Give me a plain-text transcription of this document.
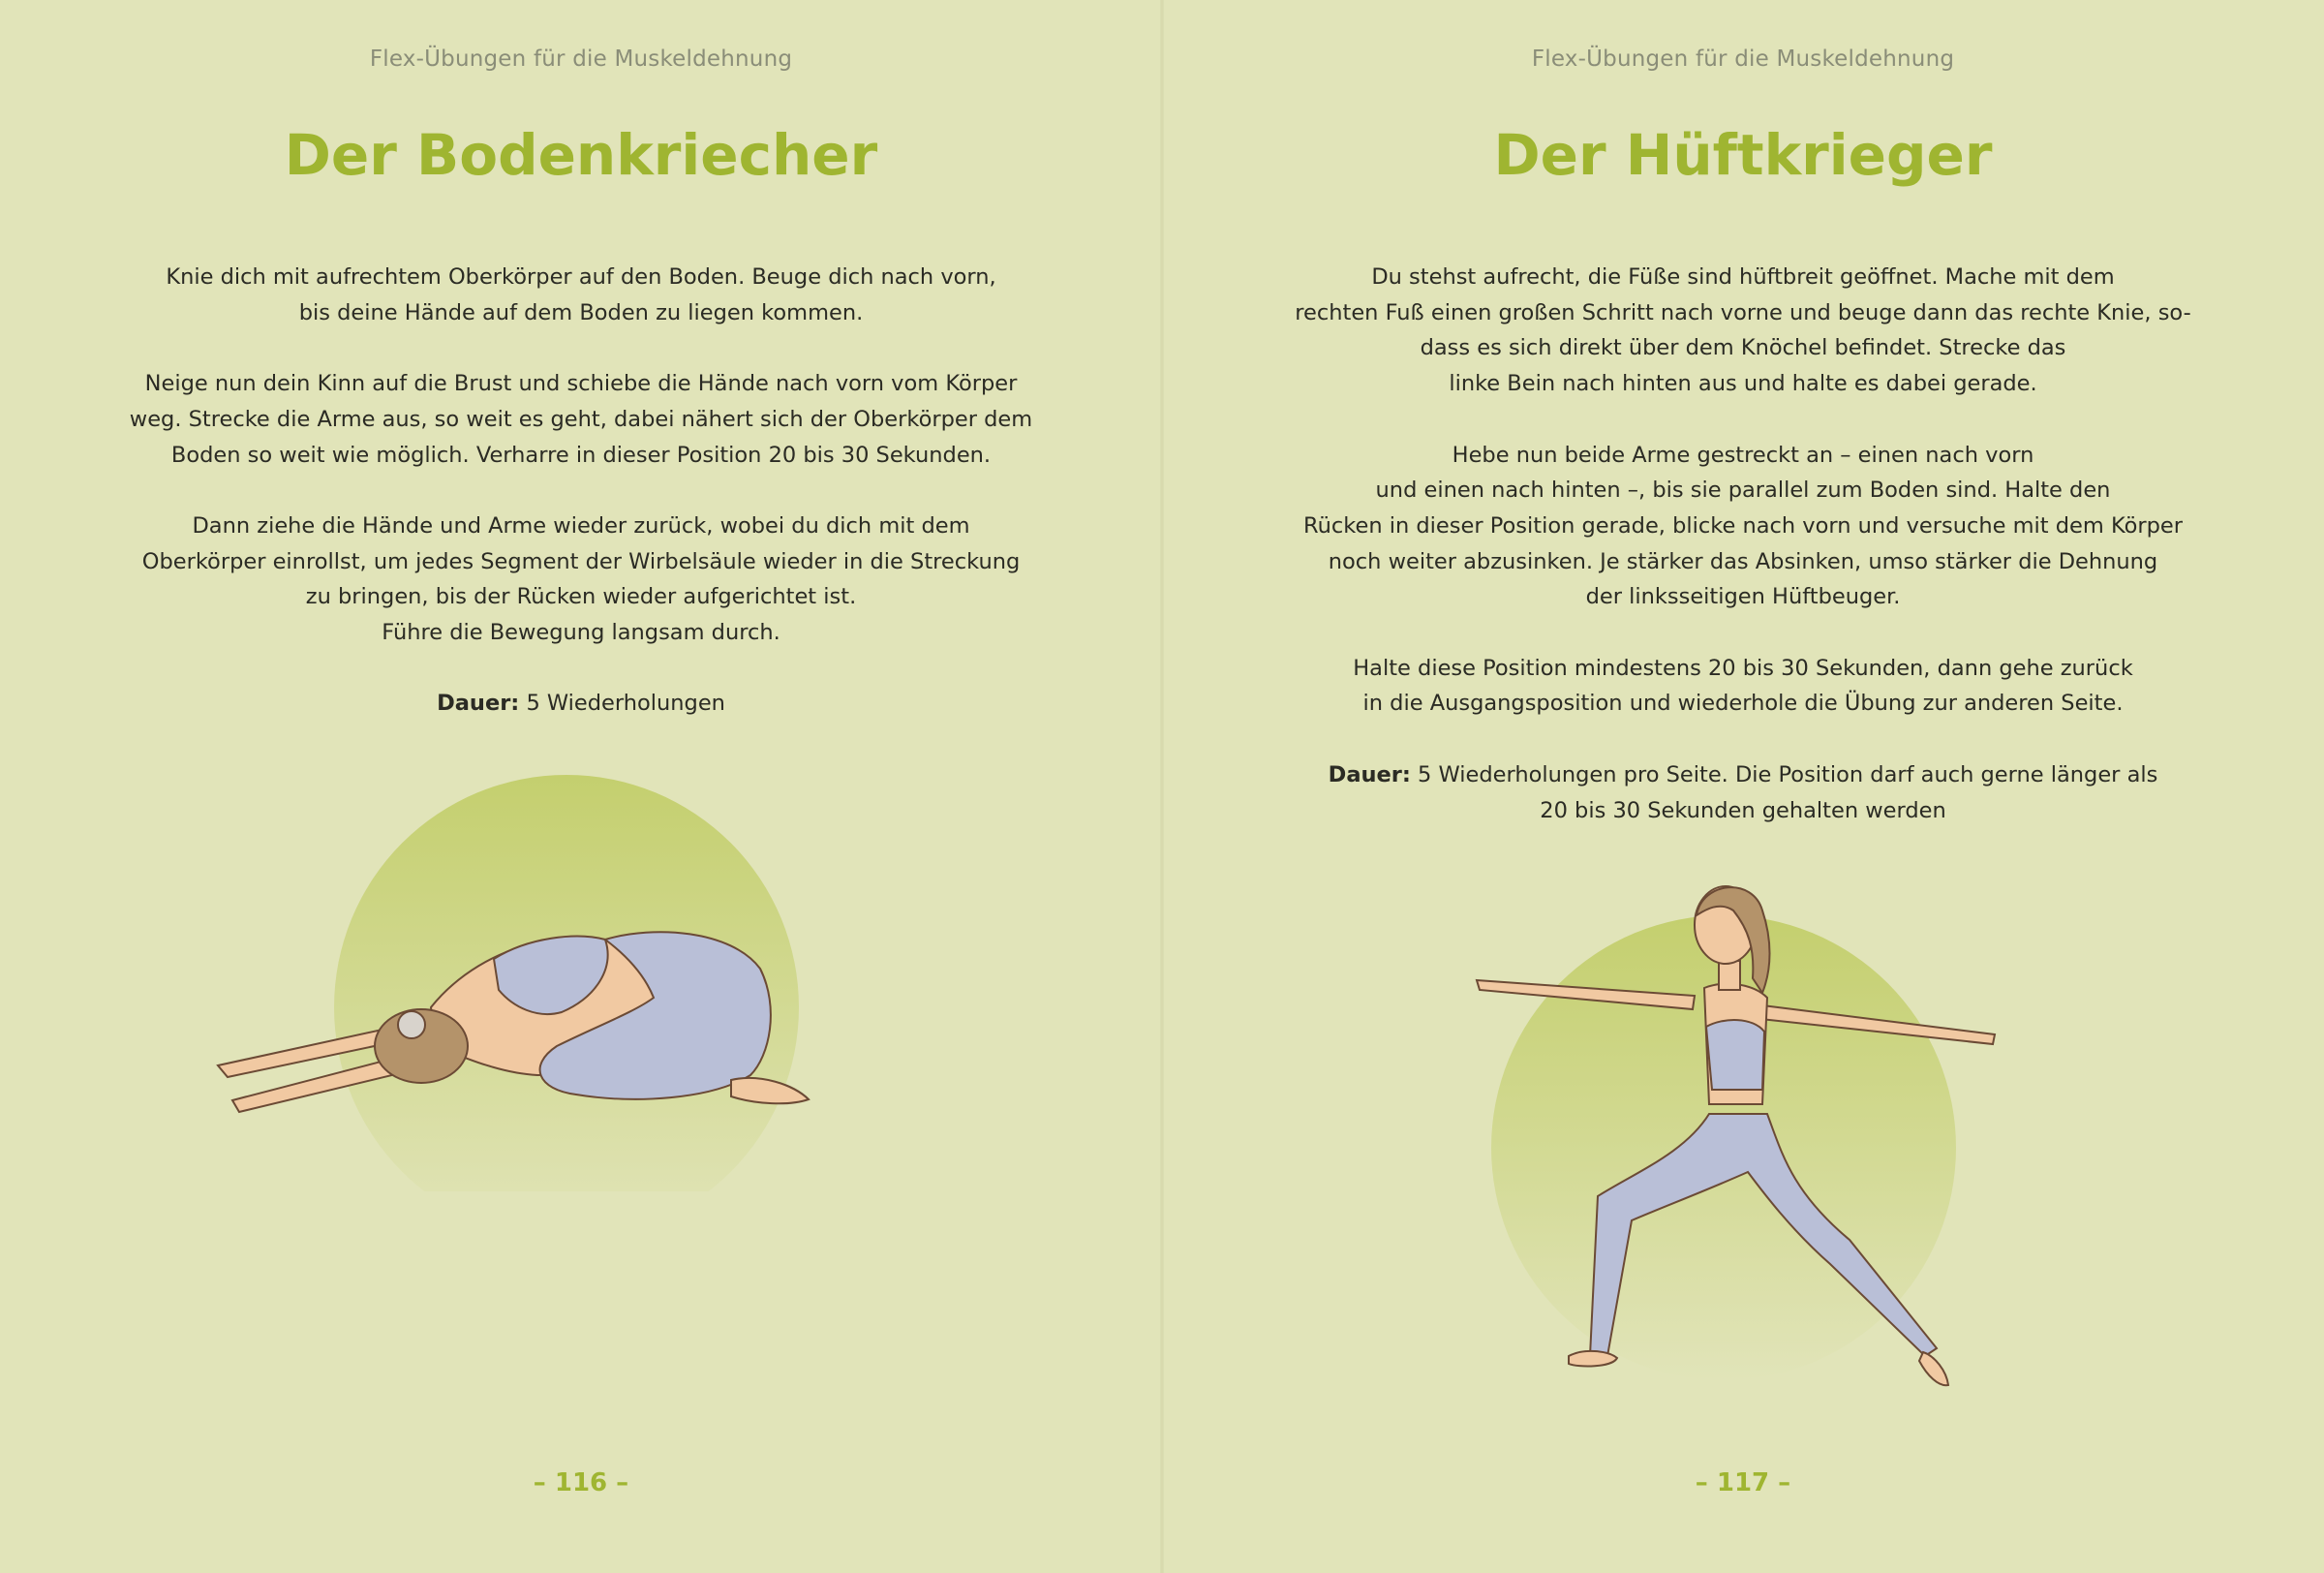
Flex-Übungen für die Muskeldehnung
Der Bodenkriecher

Knie dich mit aufrechtem Oberkörper auf den Boden. Beuge dich nach vorn,
bis deine Hände auf dem Boden zu liegen kommen.

Neige nun dein Kinn auf die Brust und schiebe die Hände nach vorn vom Körper
weg. Strecke die Arme aus, so weit es geht, dabei nähert sich der Oberkörper dem
Boden so weit wie möglich. Verharre in dieser Position 20 bis 30 Sekunden.

Dann ziehe die Hände und Arme wieder zurück, wobei du dich mit dem
Oberkörper einrollst, um jedes Segment der Wirbelsäule wieder in die Streckung
zu bringen, bis der Rücken wieder aufgerichtet ist.
Führe die Bewegung langsam durch.

Dauer: 5 Wiederholungen

– 116 –
Flex-Übungen für die Muskeldehnung
Der Hüftkrieger

Du stehst aufrecht, die Füße sind hüftbreit geöffnet. Mache mit dem
rechten Fuß einen großen Schritt nach vorne und beuge dann das rechte Knie, so-
dass es sich direkt über dem Knöchel befindet. Strecke das
linke Bein nach hinten aus und halte es dabei gerade.

Hebe nun beide Arme gestreckt an – einen nach vorn
und einen nach hinten –, bis sie parallel zum Boden sind. Halte den
Rücken in dieser Position gerade, blicke nach vorn und versuche mit dem Körper
noch weiter abzusinken. Je stärker das Absinken, umso stärker die Dehnung
der linksseitigen Hüftbeuger.

Halte diese Position mindestens 20 bis 30 Sekunden, dann gehe zurück
in die Ausgangsposition und wiederhole die Übung zur anderen Seite.

Dauer: 5 Wiederholungen pro Seite. Die Position darf auch gerne länger als
20 bis 30 Sekunden gehalten werden

– 117 –
